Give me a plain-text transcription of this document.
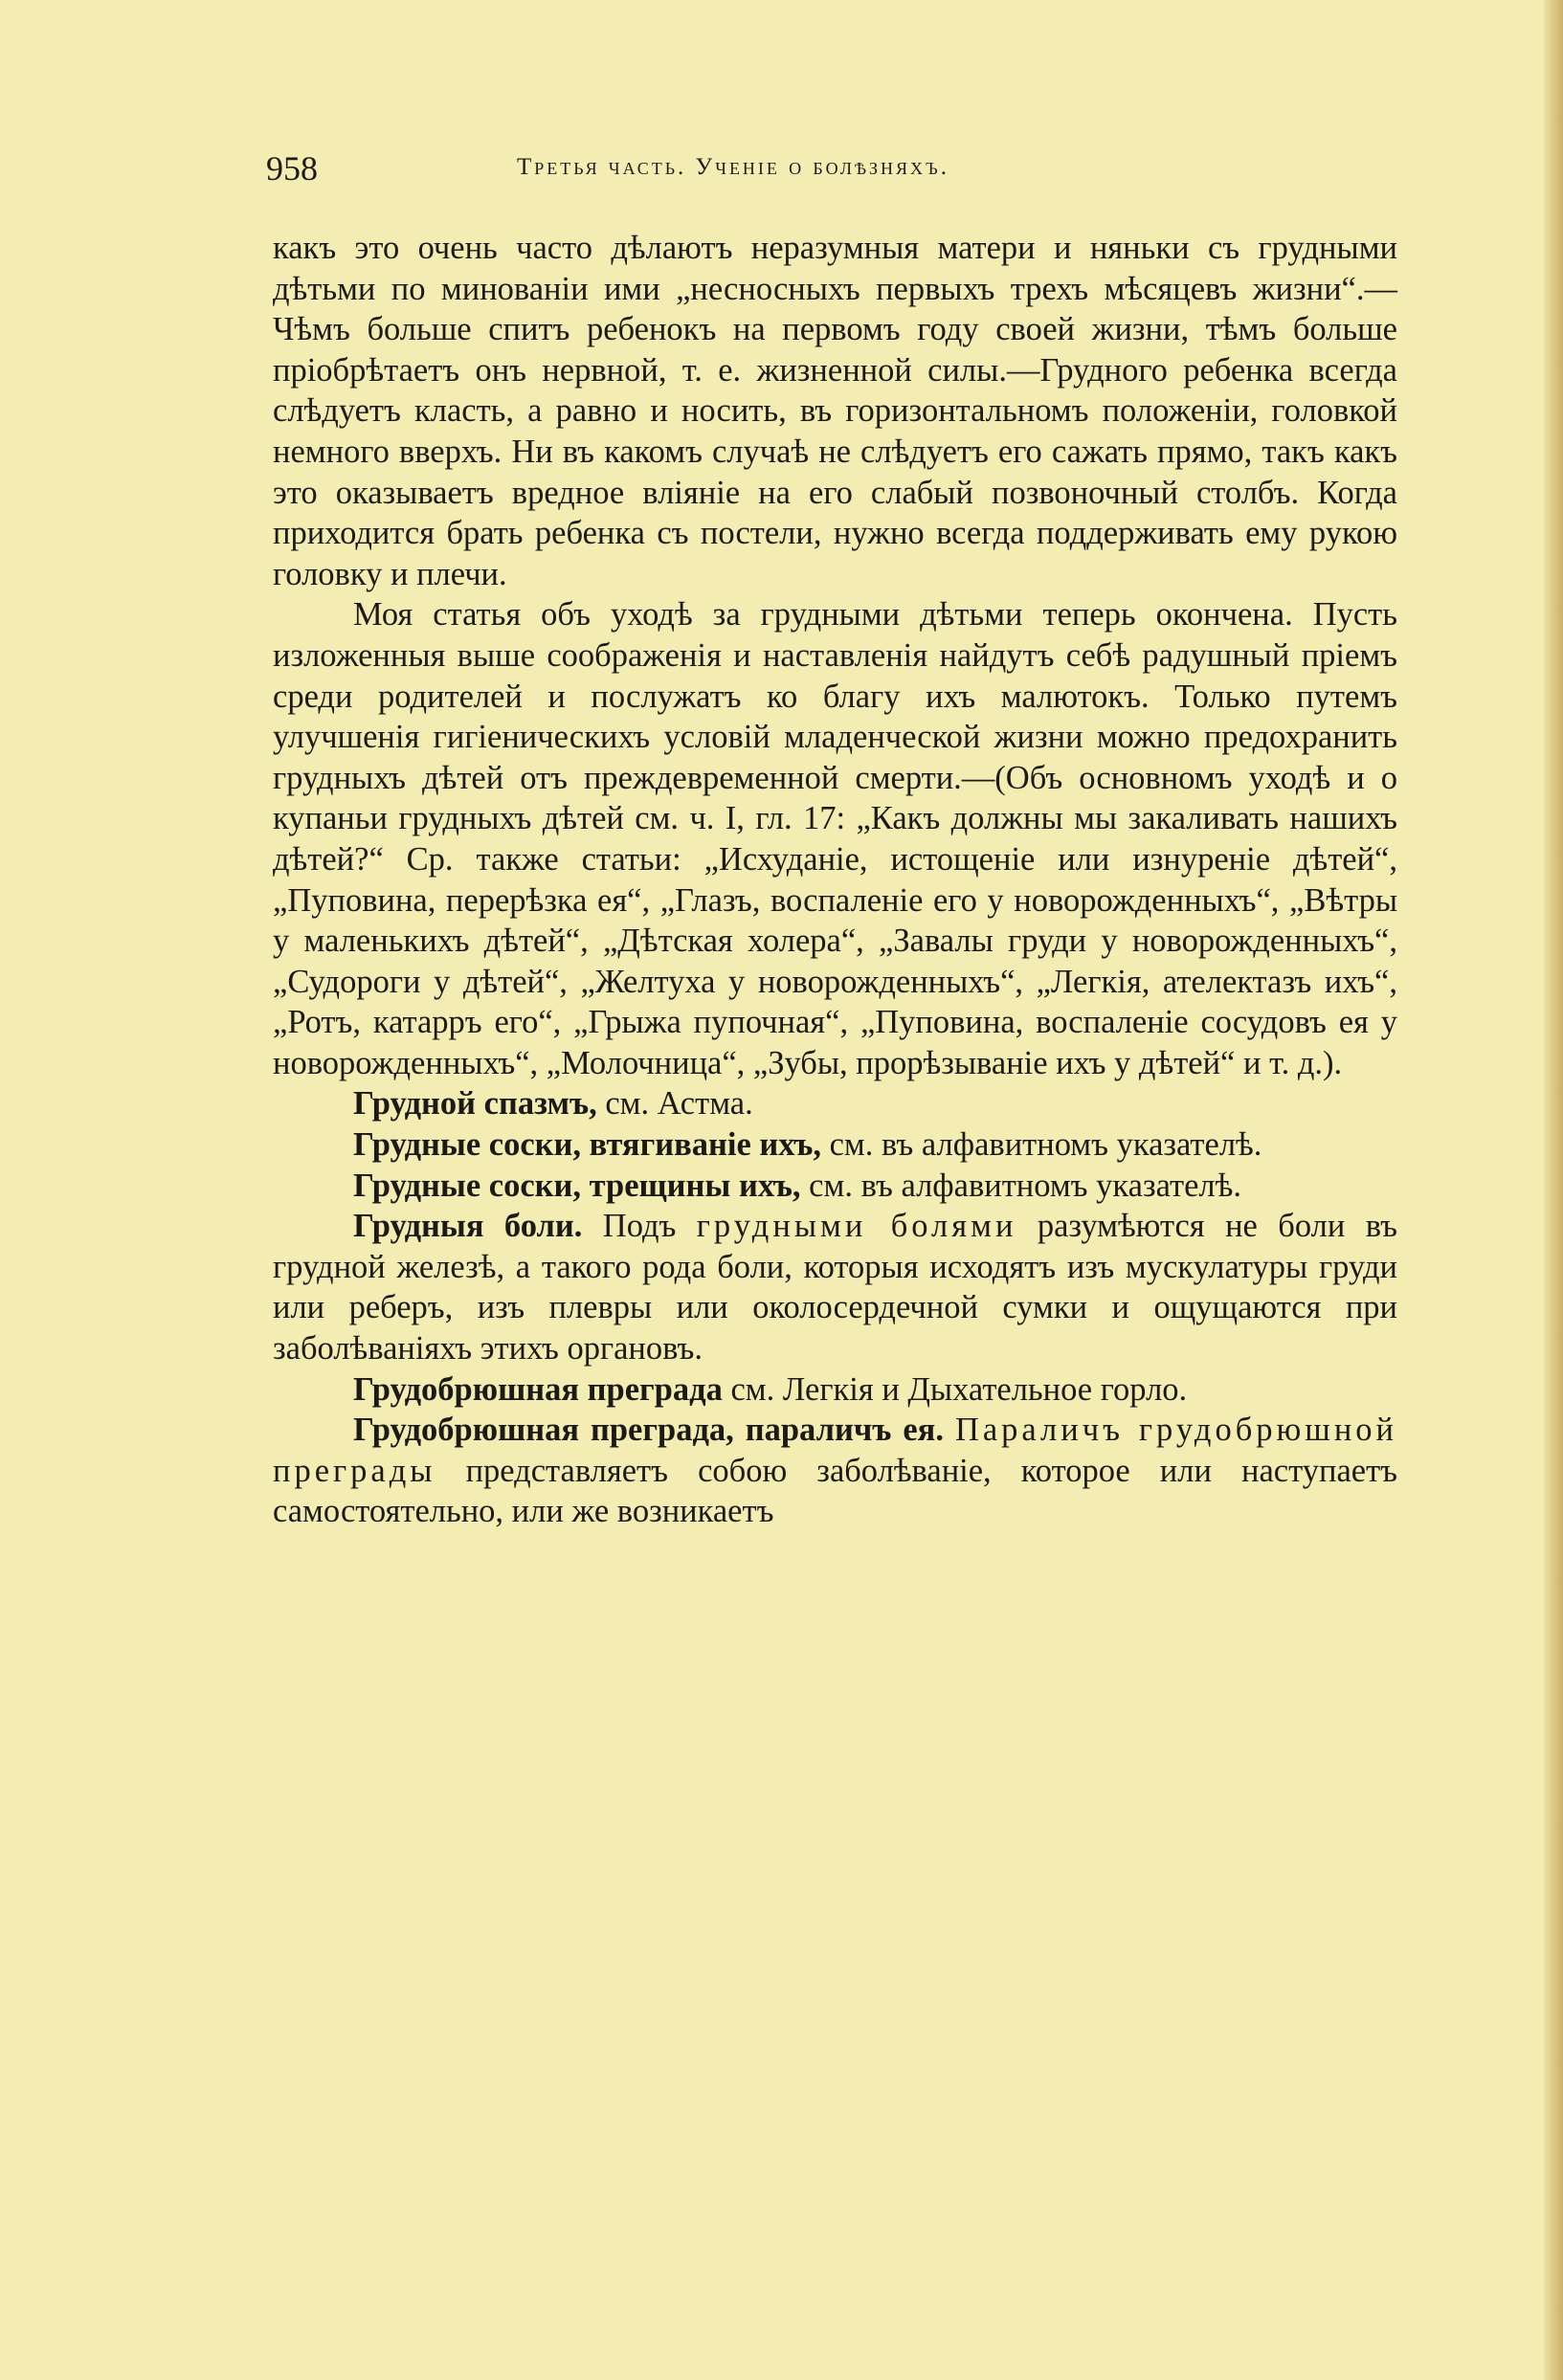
958	Третья часть. Ученіе о болѣзняхъ.

какъ это очень часто дѣлаютъ неразумныя матери и няньки съ грудными дѣтьми по минованіи ими „несносныхъ первыхъ трехъ мѣсяцевъ жизни“.—Чѣмъ больше спитъ ребенокъ на первомъ году своей жизни, тѣмъ больше пріобрѣтаетъ онъ нервной, т. е. жизненной силы.—Грудного ребенка всегда слѣдуетъ класть, а равно и носить, въ горизонтальномъ положеніи, головкой немного вверхъ. Ни въ какомъ случаѣ не слѣдуетъ его сажать прямо, такъ какъ это оказываетъ вредное вліяніе на его слабый позвоночный столбъ. Когда приходится брать ребенка съ постели, нужно всегда поддерживать ему рукою головку и плечи.

Моя статья объ уходѣ за грудными дѣтьми теперь окончена. Пусть изложенныя выше соображенія и наставленія найдутъ себѣ радушный пріемъ среди родителей и послужатъ ко благу ихъ малютокъ. Только путемъ улучшенія гигіеническихъ условій младенческой жизни можно предохранить грудныхъ дѣтей отъ преждевременной смерти.—(Объ основномъ уходѣ и о купаньи грудныхъ дѣтей см. ч. I, гл. 17: „Какъ должны мы закаливать нашихъ дѣтей?“ Ср. также статьи: „Исхуданіе, истощеніе или изнуреніе дѣтей“, „Пуповина, перерѣзка ея“, „Глазъ, воспаленіе его у новорожденныхъ“, „Вѣтры у маленькихъ дѣтей“, „Дѣтская холера“, „Завалы груди у новорожденныхъ“, „Судороги у дѣтей“, „Желтуха у новорожденныхъ“, „Легкія, ателектазъ ихъ“, „Ротъ, катарръ его“, „Грыжа пупочная“, „Пуповина, воспаленіе сосудовъ ея у новорожденныхъ“, „Молочница“, „Зубы, прорѣзываніе ихъ у дѣтей“ и т. д.).

Грудной спазмъ, см. Астма.

Грудные соски, втягиваніе ихъ, см. въ алфавитномъ указателѣ.

Грудные соски, трещины ихъ, см. въ алфавитномъ указателѣ.

Грудныя боли. Подъ грудными болями разумѣются не боли въ грудной железѣ, а такого рода боли, которыя исходятъ изъ мускулатуры груди или реберъ, изъ плевры или околосердечной сумки и ощущаются при заболѣваніяхъ этихъ органовъ.

Грудобрюшная преграда см. Легкія и Дыхательное горло.

Грудобрюшная преграда, параличъ ея. Параличъ грудобрюшной преграды представляетъ собою заболѣваніе, которое или наступаетъ самостоятельно, или же возникаетъ
